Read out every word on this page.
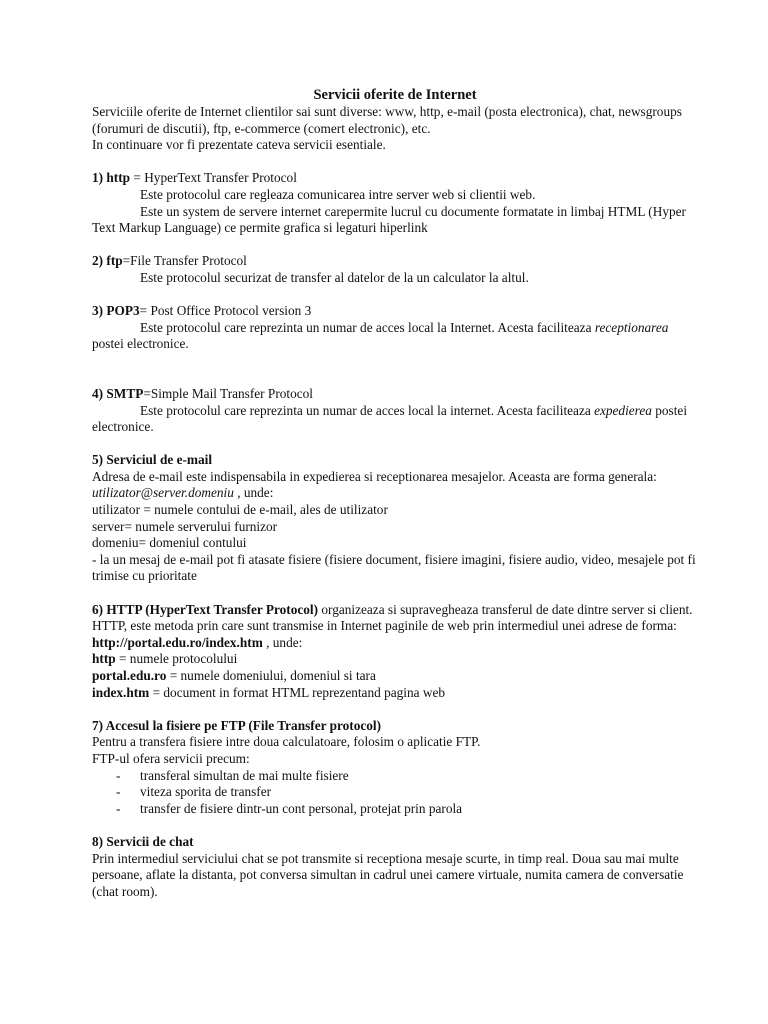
Servicii oferite de Internet

Serviciile oferite de Internet clientilor sai sunt diverse: www, http, e-mail (posta electronica), chat, newsgroups (forumuri de discutii), ftp, e-commerce (comert electronic), etc.

In continuare vor fi prezentate cateva servicii esentiale.

1) http = HyperText Transfer Protocol

Este protocolul care regleaza comunicarea intre server web si clientii web.

Este un system de servere internet carepermite lucrul cu documente formatate in limbaj HTML (Hyper Text Markup Language) ce permite grafica si legaturi hiperlink

2) ftp=File Transfer Protocol

Este protocolul securizat de transfer al datelor de la un calculator la altul.

3) POP3= Post Office Protocol version 3

Este protocolul care reprezinta un numar de acces local la Internet. Acesta faciliteaza receptionarea postei electronice.

4) SMTP=Simple Mail Transfer Protocol

Este protocolul care reprezinta un numar de acces local la internet. Acesta faciliteaza expedierea postei electronice.

5) Serviciul de e-mail

Adresa de e-mail este indispensabila in expedierea si receptionarea mesajelor. Aceasta are forma generala: utilizator@server.domeniu , unde:

utilizator = numele contului de e-mail, ales de utilizator

server= numele serverului furnizor

domeniu= domeniul contului

- la un mesaj de e-mail pot fi atasate fisiere (fisiere document, fisiere imagini, fisiere audio, video, mesajele pot fi trimise cu prioritate

6) HTTP (HyperText Transfer Protocol) organizeaza si supravegheaza transferul de date dintre server si client. HTTP, este metoda prin care sunt transmise in Internet paginile de web prin intermediul unei adrese de forma: http://portal.edu.ro/index.htm , unde:

http = numele protocolului

portal.edu.ro = numele domeniului, domeniul si tara

index.htm = document in format HTML reprezentand pagina web

7) Accesul la fisiere pe FTP (File Transfer protocol)

Pentru a transfera fisiere intre doua calculatoare, folosim o aplicatie FTP.

FTP-ul ofera servicii precum:

- transferal simultan de mai multe fisiere
- viteza sporita de transfer
- transfer de fisiere dintr-un cont personal, protejat prin parola

8) Servicii de chat

Prin intermediul serviciului chat se pot transmite si receptiona mesaje scurte, in timp real. Doua sau mai multe persoane, aflate la distanta, pot conversa simultan in cadrul unei camere virtuale, numita camera de conversatie (chat room).
